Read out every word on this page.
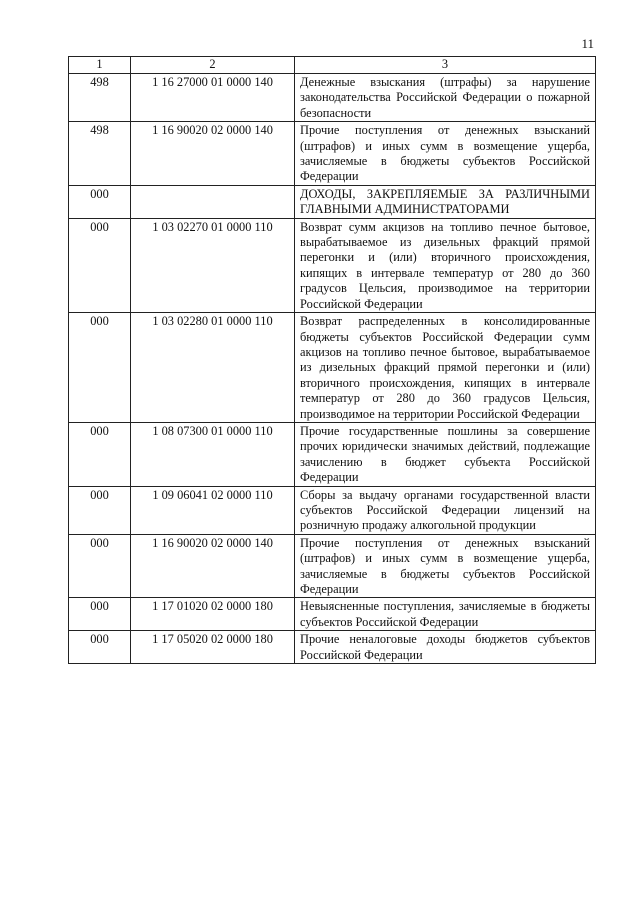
11
1	2	3
498	1 16 27000 01 0000 140	Денежные взыскания (штрафы) за нарушение законодательства Российской Федерации о пожарной безопасности
498	1 16 90020 02 0000 140	Прочие поступления от денежных взысканий (штрафов) и иных сумм в возмещение ущерба, зачисляемые в бюджеты субъектов Российской Федерации
000		ДОХОДЫ, ЗАКРЕПЛЯЕМЫЕ ЗА РАЗЛИЧНЫМИ ГЛАВНЫМИ АДМИНИСТРАТОРАМИ
000	1 03 02270 01 0000 110	Возврат сумм акцизов на топливо печное бытовое, вырабатываемое из дизельных фракций прямой перегонки и (или) вторичного происхождения, кипящих в интервале температур от 280 до 360 градусов Цельсия, производимое на территории Российской Федерации
000	1 03 02280 01 0000 110	Возврат распределенных в консолидированные бюджеты субъектов Российской Федерации сумм акцизов на топливо печное бытовое, вырабатываемое из дизельных фракций прямой перегонки и (или) вторичного происхождения, кипящих в интервале температур от 280 до 360 градусов Цельсия, производимое на территории Российской Федерации
000	1 08 07300 01 0000 110	Прочие государственные пошлины за совершение прочих юридически значимых действий, подлежащие зачислению в бюджет субъекта Российской Федерации
000	1 09 06041 02 0000 110	Сборы за выдачу органами государственной власти субъектов Российской Федерации лицензий на розничную продажу алкогольной продукции
000	1 16 90020 02 0000 140	Прочие поступления от денежных взысканий (штрафов) и иных сумм в возмещение ущерба, зачисляемые в бюджеты субъектов Российской Федерации
000	1 17 01020 02 0000 180	Невыясненные поступления, зачисляемые в бюджеты субъектов Российской Федерации
000	1 17 05020 02 0000 180	Прочие неналоговые доходы бюджетов субъектов Российской Федерации
